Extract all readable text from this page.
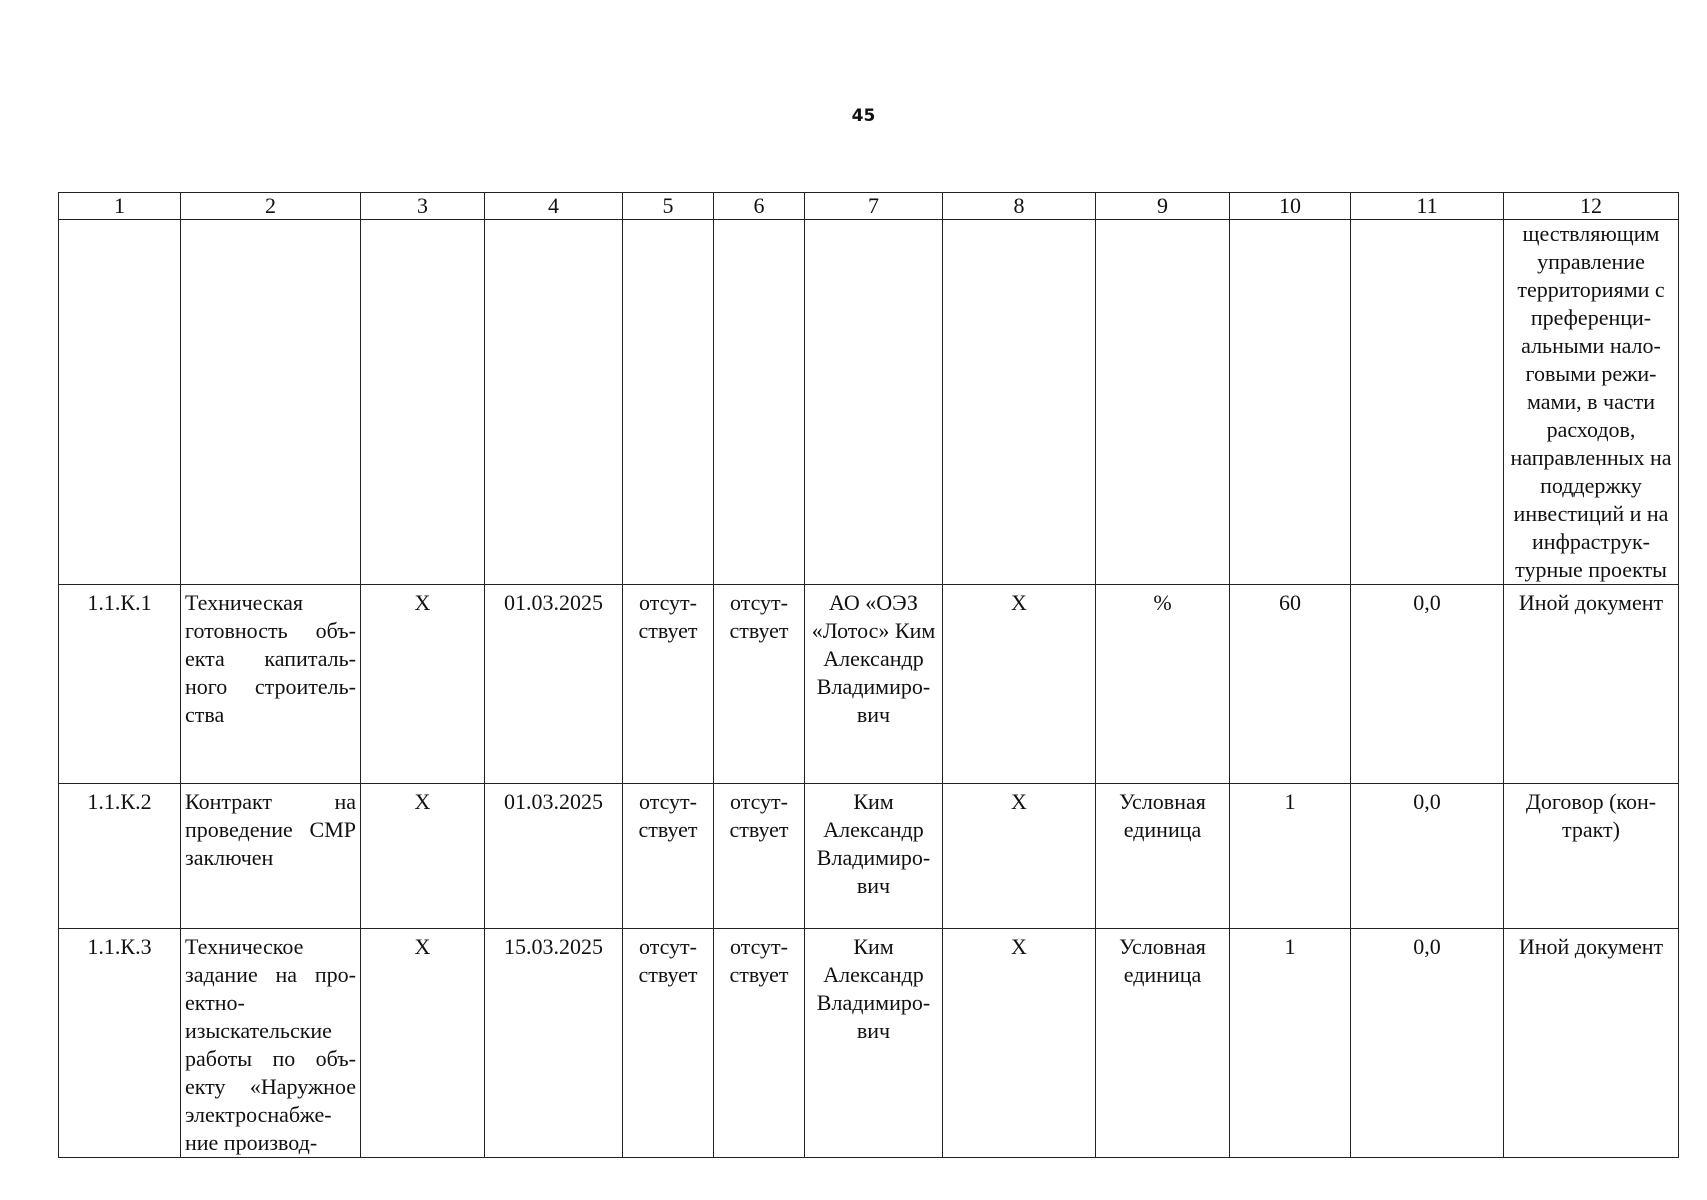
45
1	2	3	4	5	6	7	8	9	10	11	12
											ществляющим управление территориями с преференци-альными нало-говыми режи-мами, в части расходов, направленных на поддержку инвестиций и на инфраструк-турные проекты
1.1.К.1	Техническая готовность объ-екта капиталь-ного строитель-ства	Х	01.03.2025	отсут-ствует	отсут-ствует	АО «ОЭЗ «Лотос» Ким Александр Владимиро-вич	Х	%	60	0,0	Иной документ
1.1.К.2	Контракт на проведение СМР заключен	Х	01.03.2025	отсут-ствует	отсут-ствует	Ким Александр Владимиро-вич	Х	Условная единица	1	0,0	Договор (кон-тракт)
1.1.К.3	Техническое задание на про-ектно-изыскательские работы по объ-екту «Наружное электроснабже-ние производ-	Х	15.03.2025	отсут-ствует	отсут-ствует	Ким Александр Владимиро-вич	Х	Условная единица	1	0,0	Иной документ
